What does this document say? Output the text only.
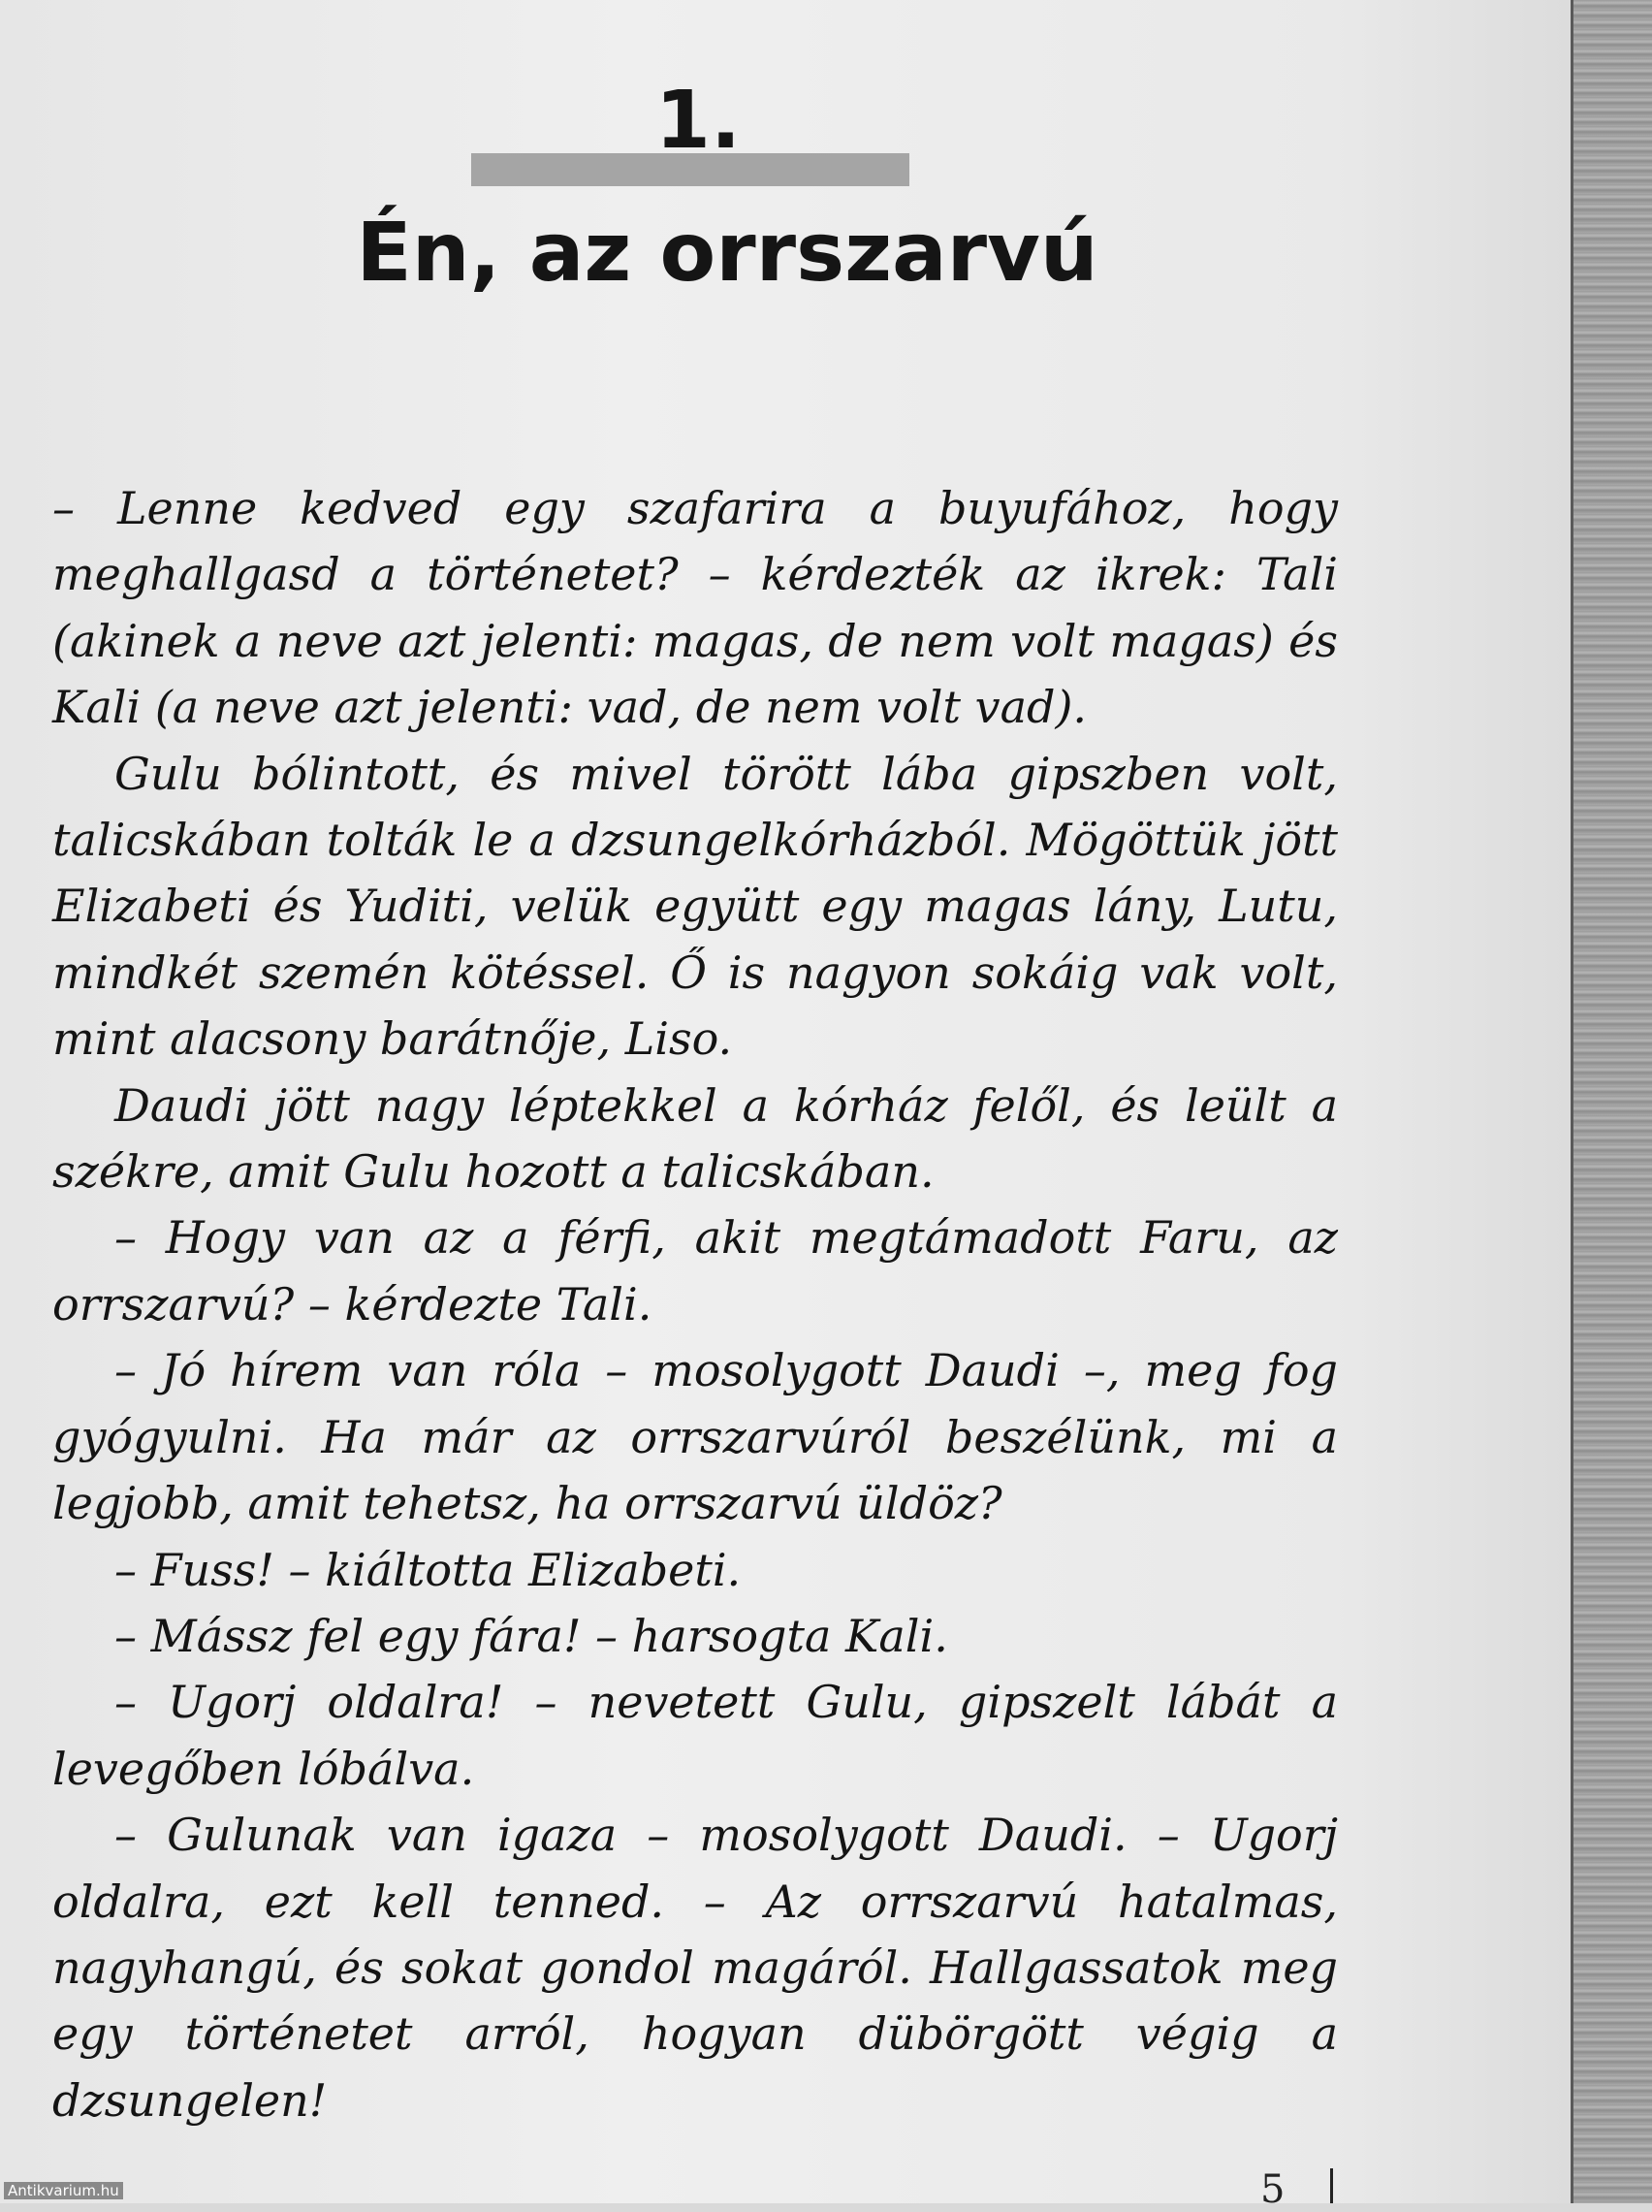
1.
Én, az orrszarvú

– Lenne kedved egy szafarira a buyufához, hogy meghallgasd a történetet? – kérdezték az ikrek: Tali (akinek a neve azt jelenti: magas, de nem volt magas) és Kali (a neve azt jelenti: vad, de nem volt vad).

Gulu bólintott, és mivel törött lába gipszben volt, talicskában tolták le a dzsungelkórházból. Mögöttük jött Elizabeti és Yuditi, velük együtt egy magas lány, Lutu, mindkét szemén kötéssel. Ő is nagyon sokáig vak volt, mint alacsony barátnője, Liso.

Daudi jött nagy léptekkel a kórház felől, és leült a székre, amit Gulu hozott a talicskában.

– Hogy van az a férfi, akit megtámadott Faru, az orrszarvú? – kérdezte Tali.

– Jó hírem van róla – mosolygott Daudi –, meg fog gyógyulni. Ha már az orrszarvúról beszélünk, mi a legjobb, amit tehetsz, ha orrszarvú üldöz?

– Fuss! – kiáltotta Elizabeti.

– Mássz fel egy fára! – harsogta Kali.

– Ugorj oldalra! – nevetett Gulu, gipszelt lábát a levegőben lóbálva.

– Gulunak van igaza – mosolygott Daudi. – Ugorj oldalra, ezt kell tenned. – Az orrszarvú hatalmas, nagyhangú, és sokat gondol magáról. Hallgassatok meg egy történetet arról, hogyan dübörgött végig a dzsungelen!

5
Antikvarium.hu
